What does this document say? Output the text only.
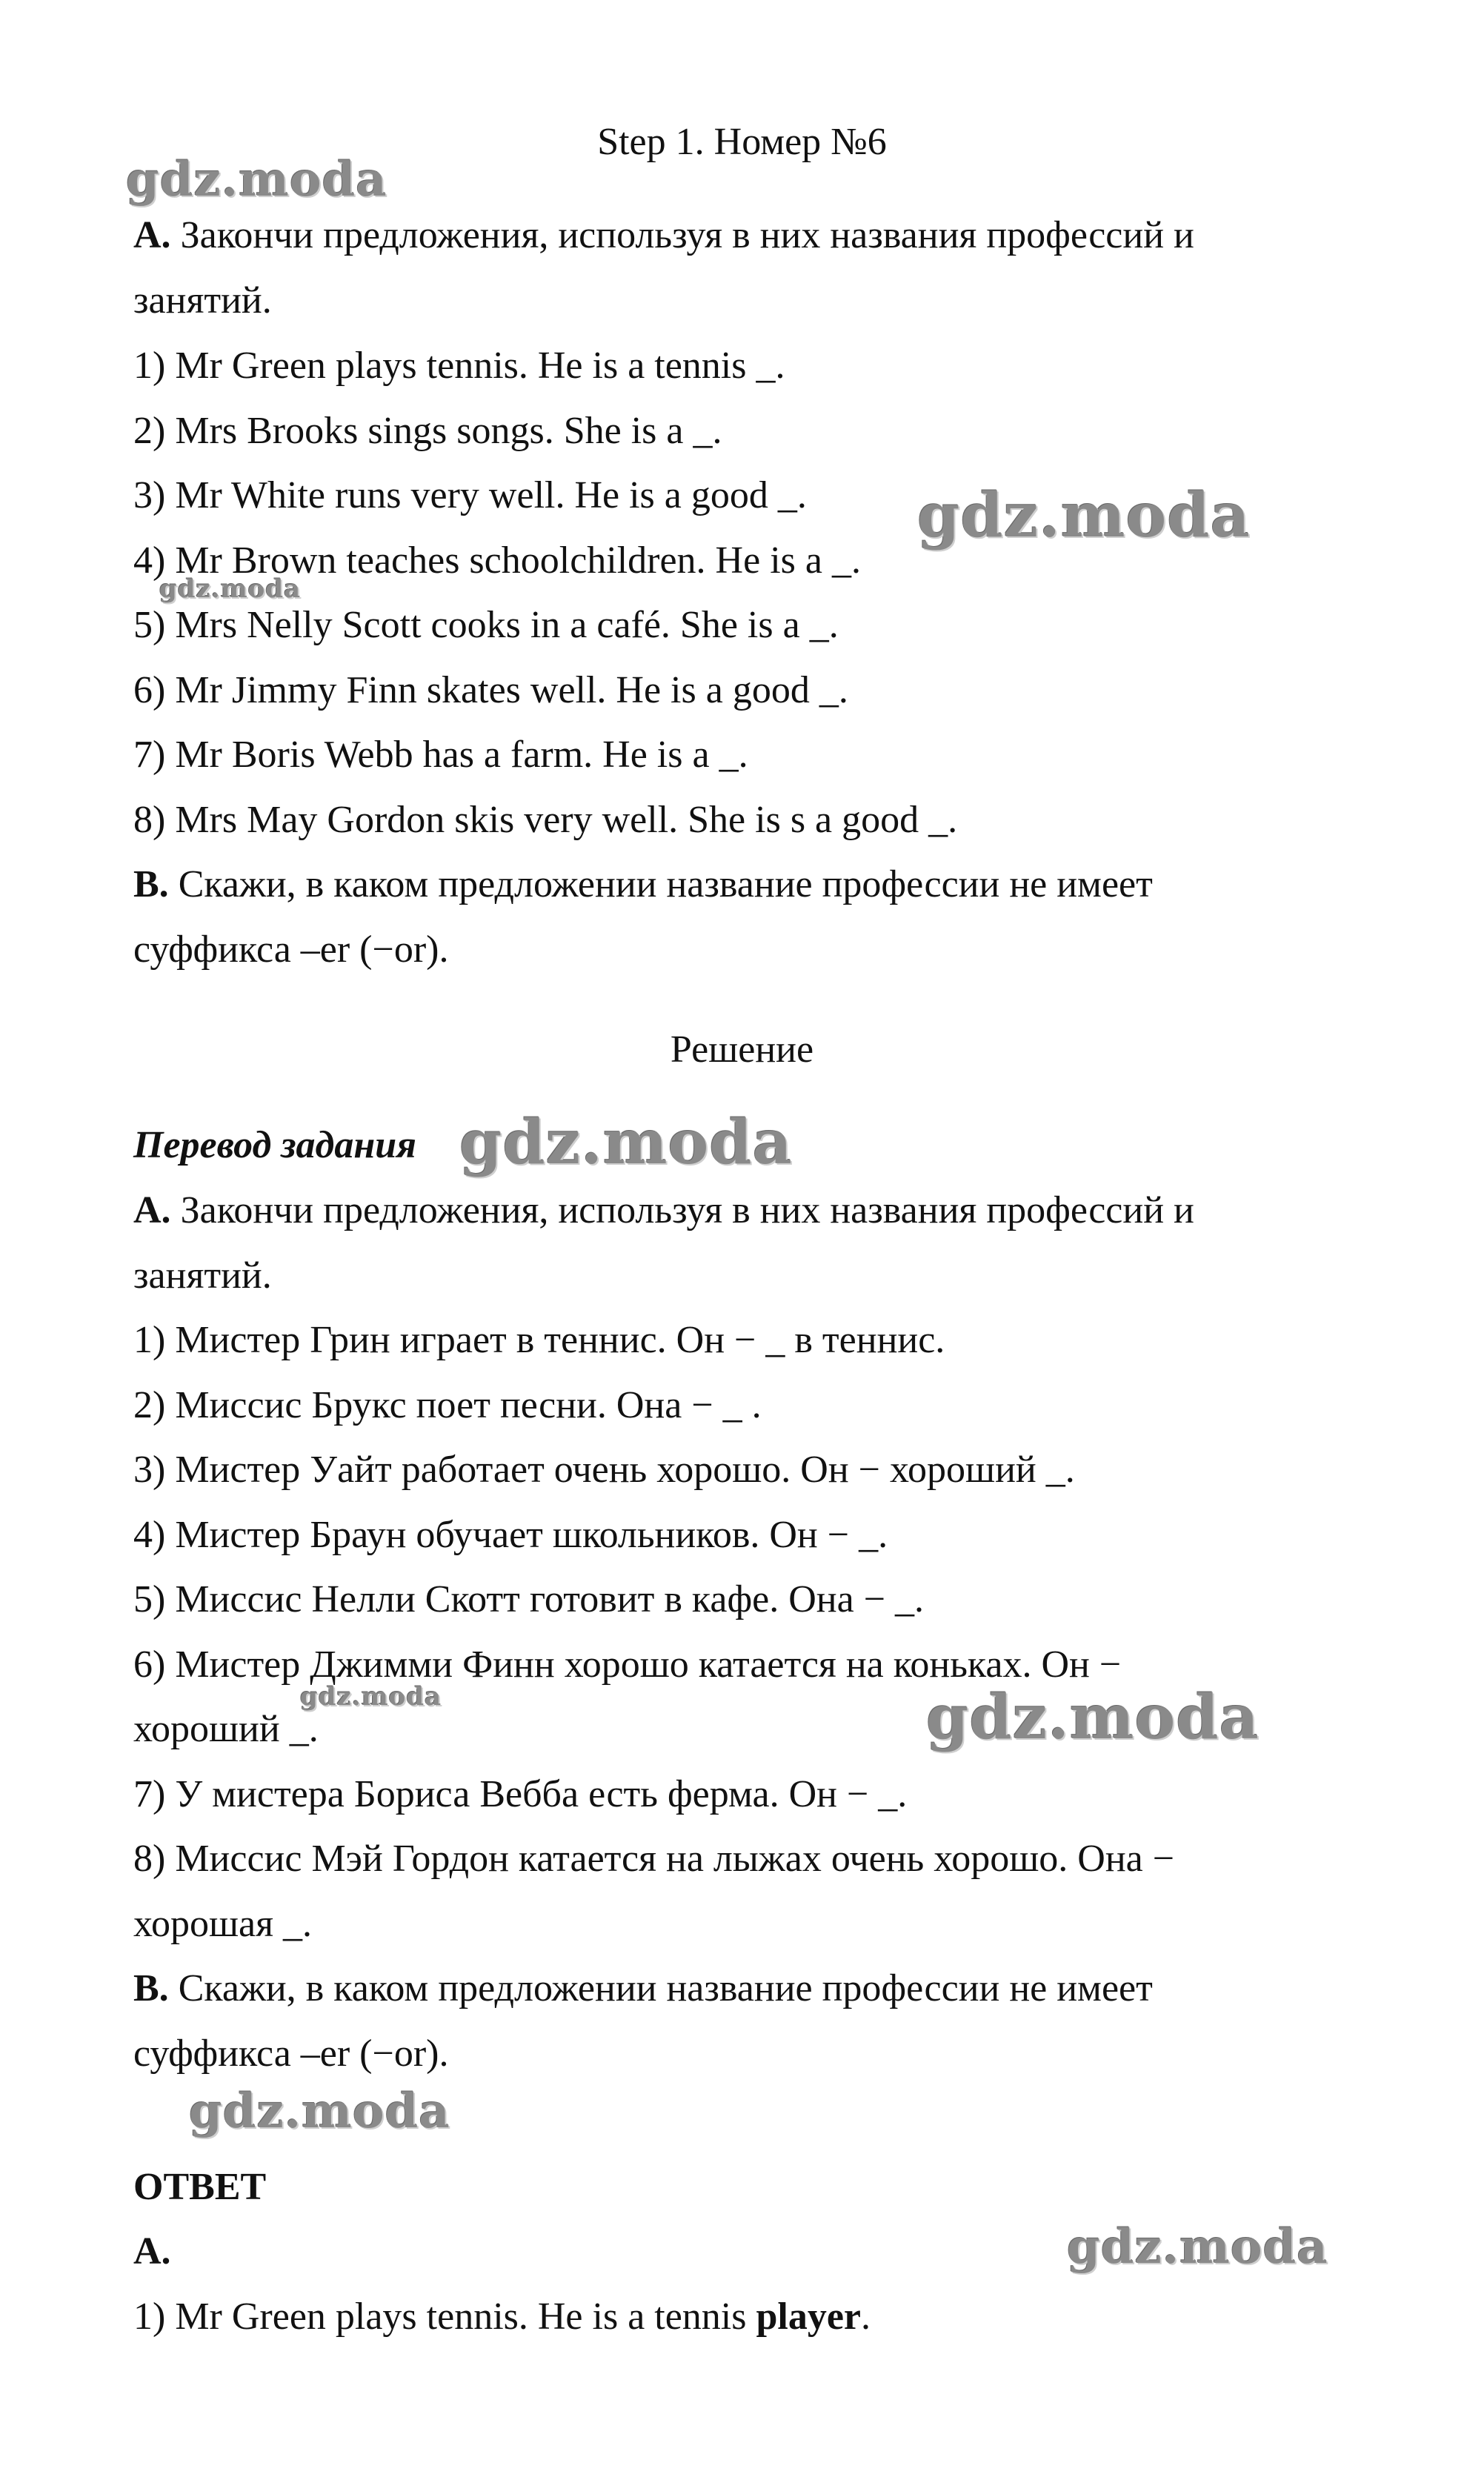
Step 1. Номер №6
A. Закончи предложения, используя в них названия профессий и
занятий.
1) Mr Green plays tennis. He is a tennis _.
2) Mrs Brooks sings songs. She is a _.
3) Mr White runs very well. He is a good _.
4) Mr Brown teaches schoolchildren. He is a _.
5) Mrs Nelly Scott cooks in a café. She is a _.
6) Mr Jimmy Finn skates well. He is a good _.
7) Mr Boris Webb has a farm. He is a _.
8) Mrs May Gordon skis very well. She is s a good _.
B. Скажи, в каком предложении название профессии не имеет
суффикса –er (−or).
Решение
Перевод задания
A. Закончи предложения, используя в них названия профессий и
занятий.
1) Мистер Грин играет в теннис. Он − _ в теннис.
2) Миссис Брукс поет песни. Она − _ .
3) Мистер Уайт работает очень хорошо. Он − хороший _.
4) Мистер Браун обучает школьников. Он − _.
5) Миссис Нелли Скотт готовит в кафе. Она − _.
6) Мистер Джимми Финн хорошо катается на коньках. Он −
хороший _.
7) У мистера Бориса Вебба есть ферма. Он − _.
8) Миссис Мэй Гордон катается на лыжах очень хорошо. Она −
хорошая _.
B. Скажи, в каком предложении название профессии не имеет
суффикса –er (−or).
ОТВЕТ
A.
1) Mr Green plays tennis. He is a tennis player.
gdz.moda
gdz.moda
gdz.moda
gdz.moda
gdz.moda	gdz.moda
gdz.moda
gdz.moda
